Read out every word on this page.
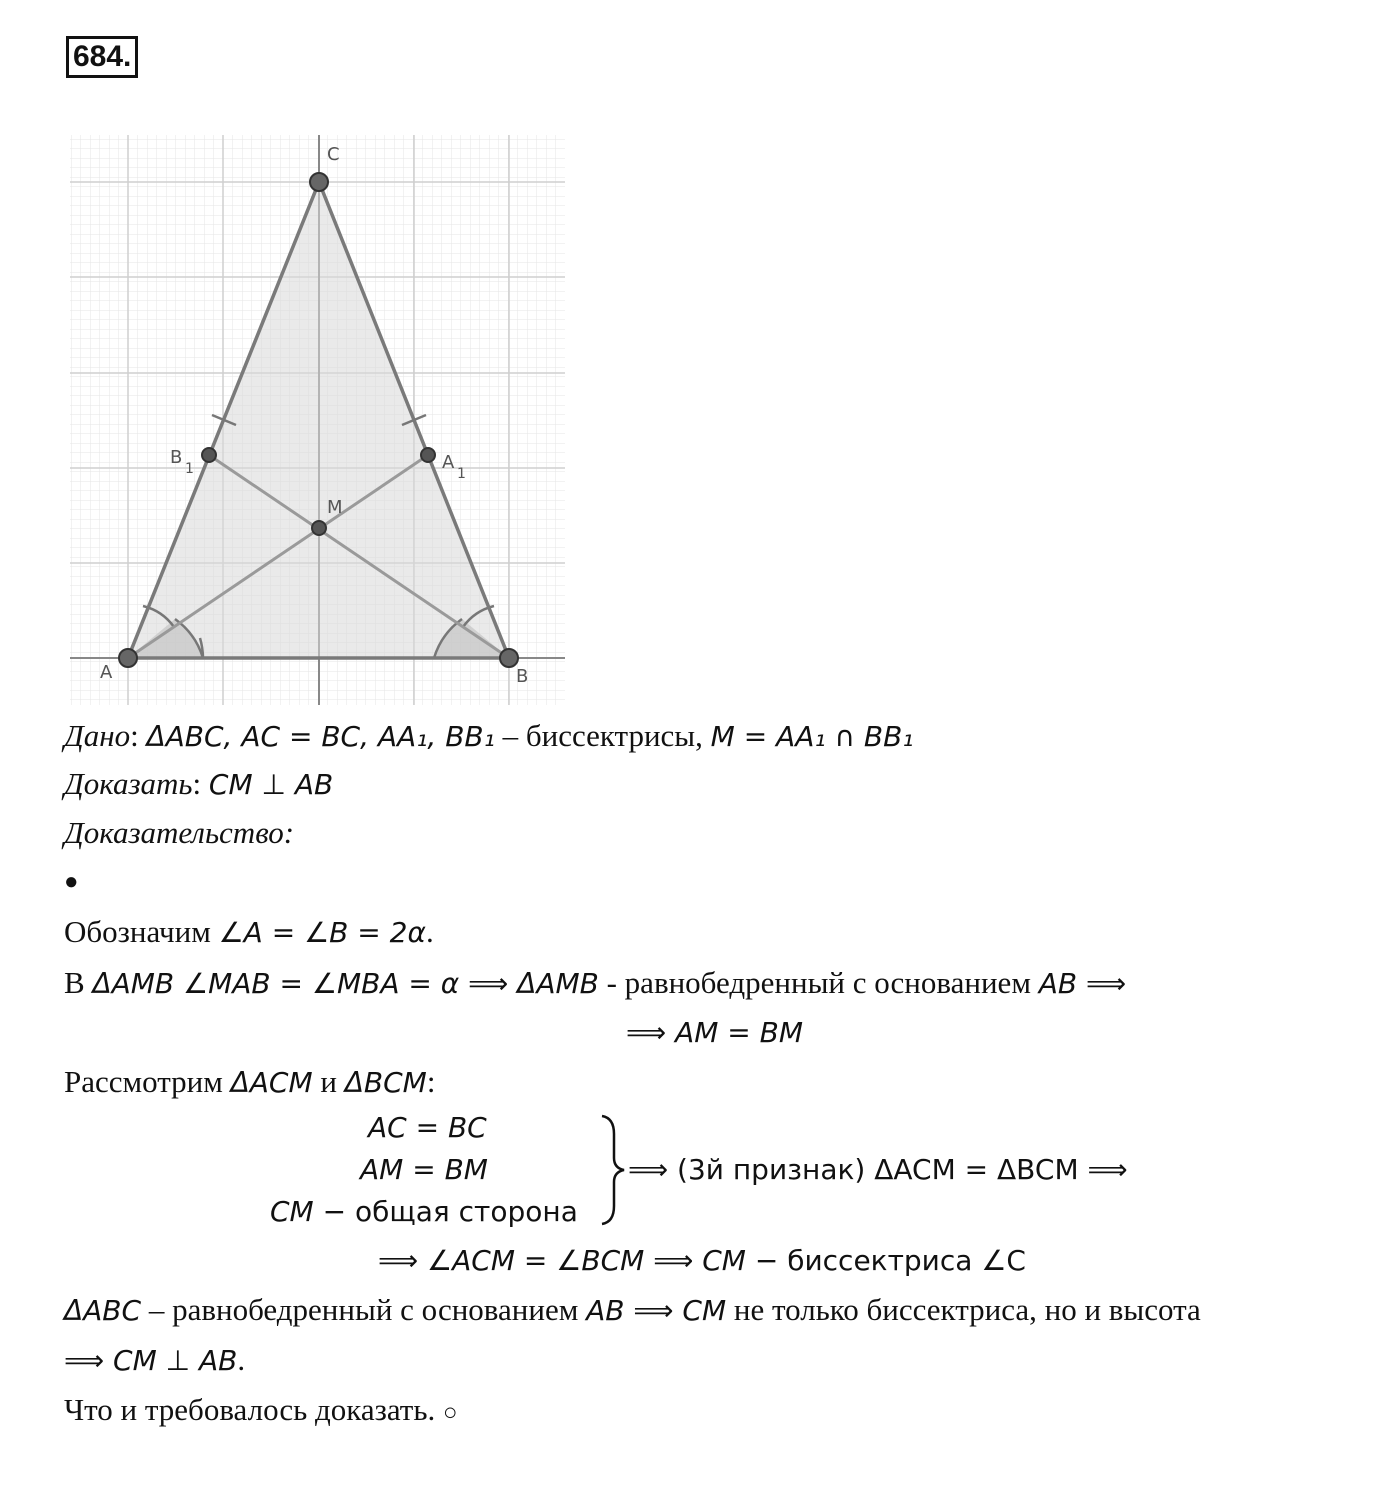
684.
C
A	B
M
B
1	A
1
Дано: ΔABC, AC = BC, AA₁, BB₁ – биссектрисы, M = AA₁ ∩ BB₁
Доказать: CM ⊥ AB
Доказательство:
●
Обозначим ∠A = ∠B = 2α.
В ΔAMB ∠MAB = ∠MBA = α ⟹ ΔAMB - равнобедренный с основанием AB ⟹
⟹ AM = BM
Рассмотрим ΔACM и ΔBCM:
AC = BC
AM = BM
CM − общая сторона
⟹ (3й признак) ΔACM = ΔBCM ⟹
⟹ ∠ACM = ∠BCM ⟹ CM − биссектриса ∠C
ΔABC – равнобедренный с основанием AB ⟹ CM не только биссектриса, но и высота
⟹ CM ⊥ AB.
Что и требовалось доказать. ○
